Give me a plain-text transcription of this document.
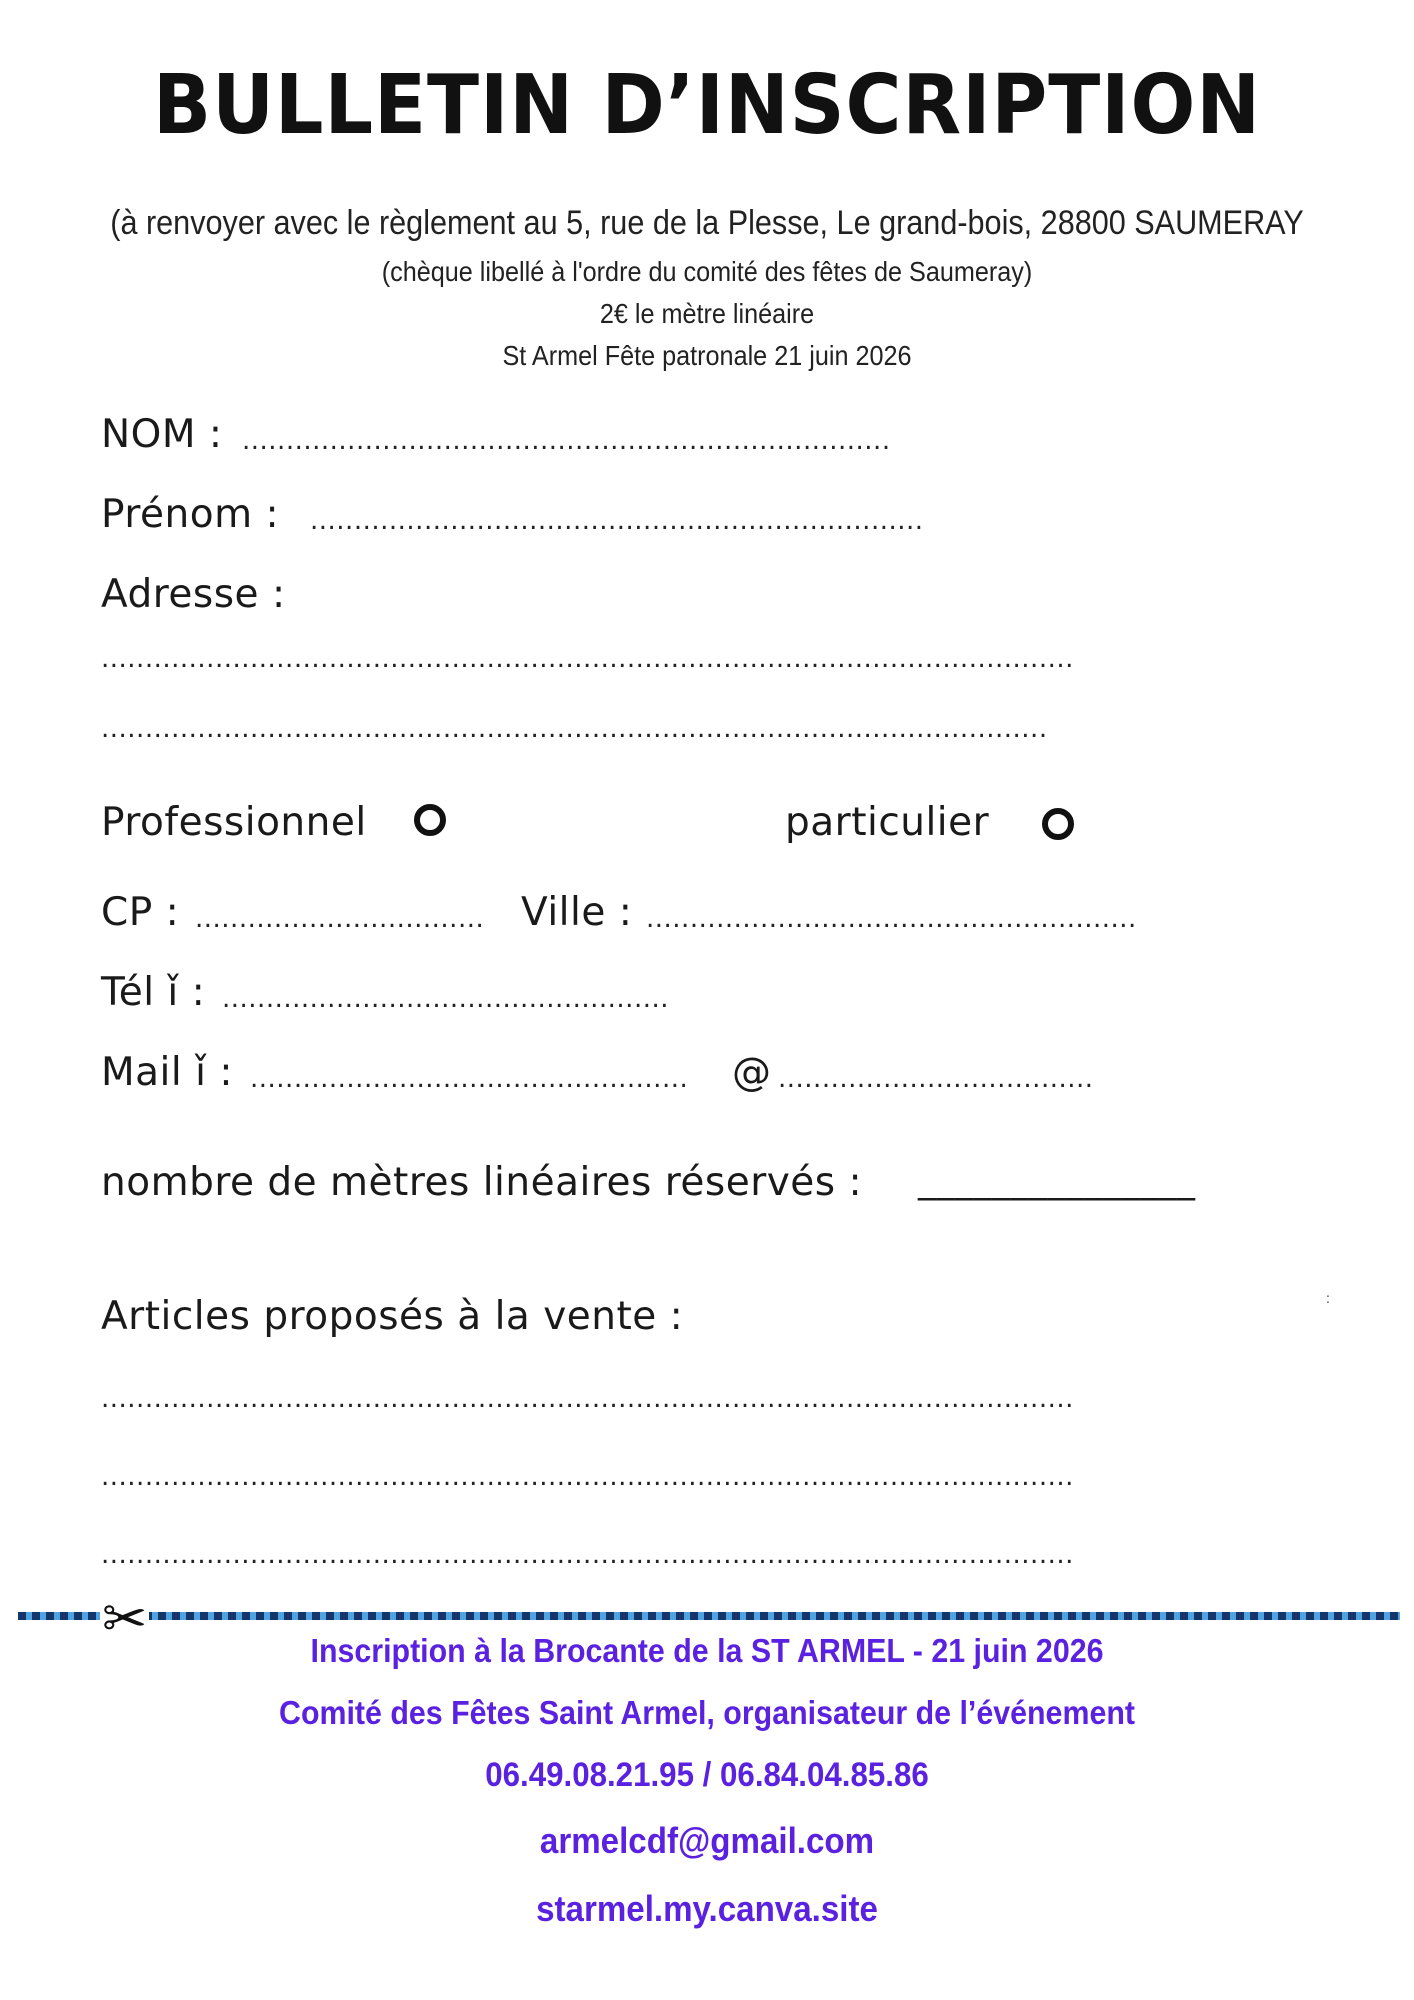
BULLETIN D’INSCRIPTION
(à renvoyer avec le règlement au 5, rue de la Plesse, Le grand-bois, 28800 SAUMERAY
(chèque libellé à l'ordre du comité des fêtes de Saumeray)
2€ le mètre linéaire
St Armel Fête patronale 21 juin 2026
NOM : ..........................................................................
Prénom : ......................................................................
Adresse :
...............................................................................................................
............................................................................................................
Professionnel	particulier
CP : ................................. Ville : ........................................................
Tél ǐ : ...................................................
Mail ǐ : ..................................................	@ ....................................
nombre de mètres linéaires réservés : _______________
:
Articles proposés à la vente :
...............................................................................................................
...............................................................................................................
...............................................................................................................
✂
Inscription à la Brocante de la ST ARMEL - 21 juin 2026
Comité des Fêtes Saint Armel, organisateur de l’événement
06.49.08.21.95 / 06.84.04.85.86
armelcdf@gmail.com
starmel.my.canva.site
